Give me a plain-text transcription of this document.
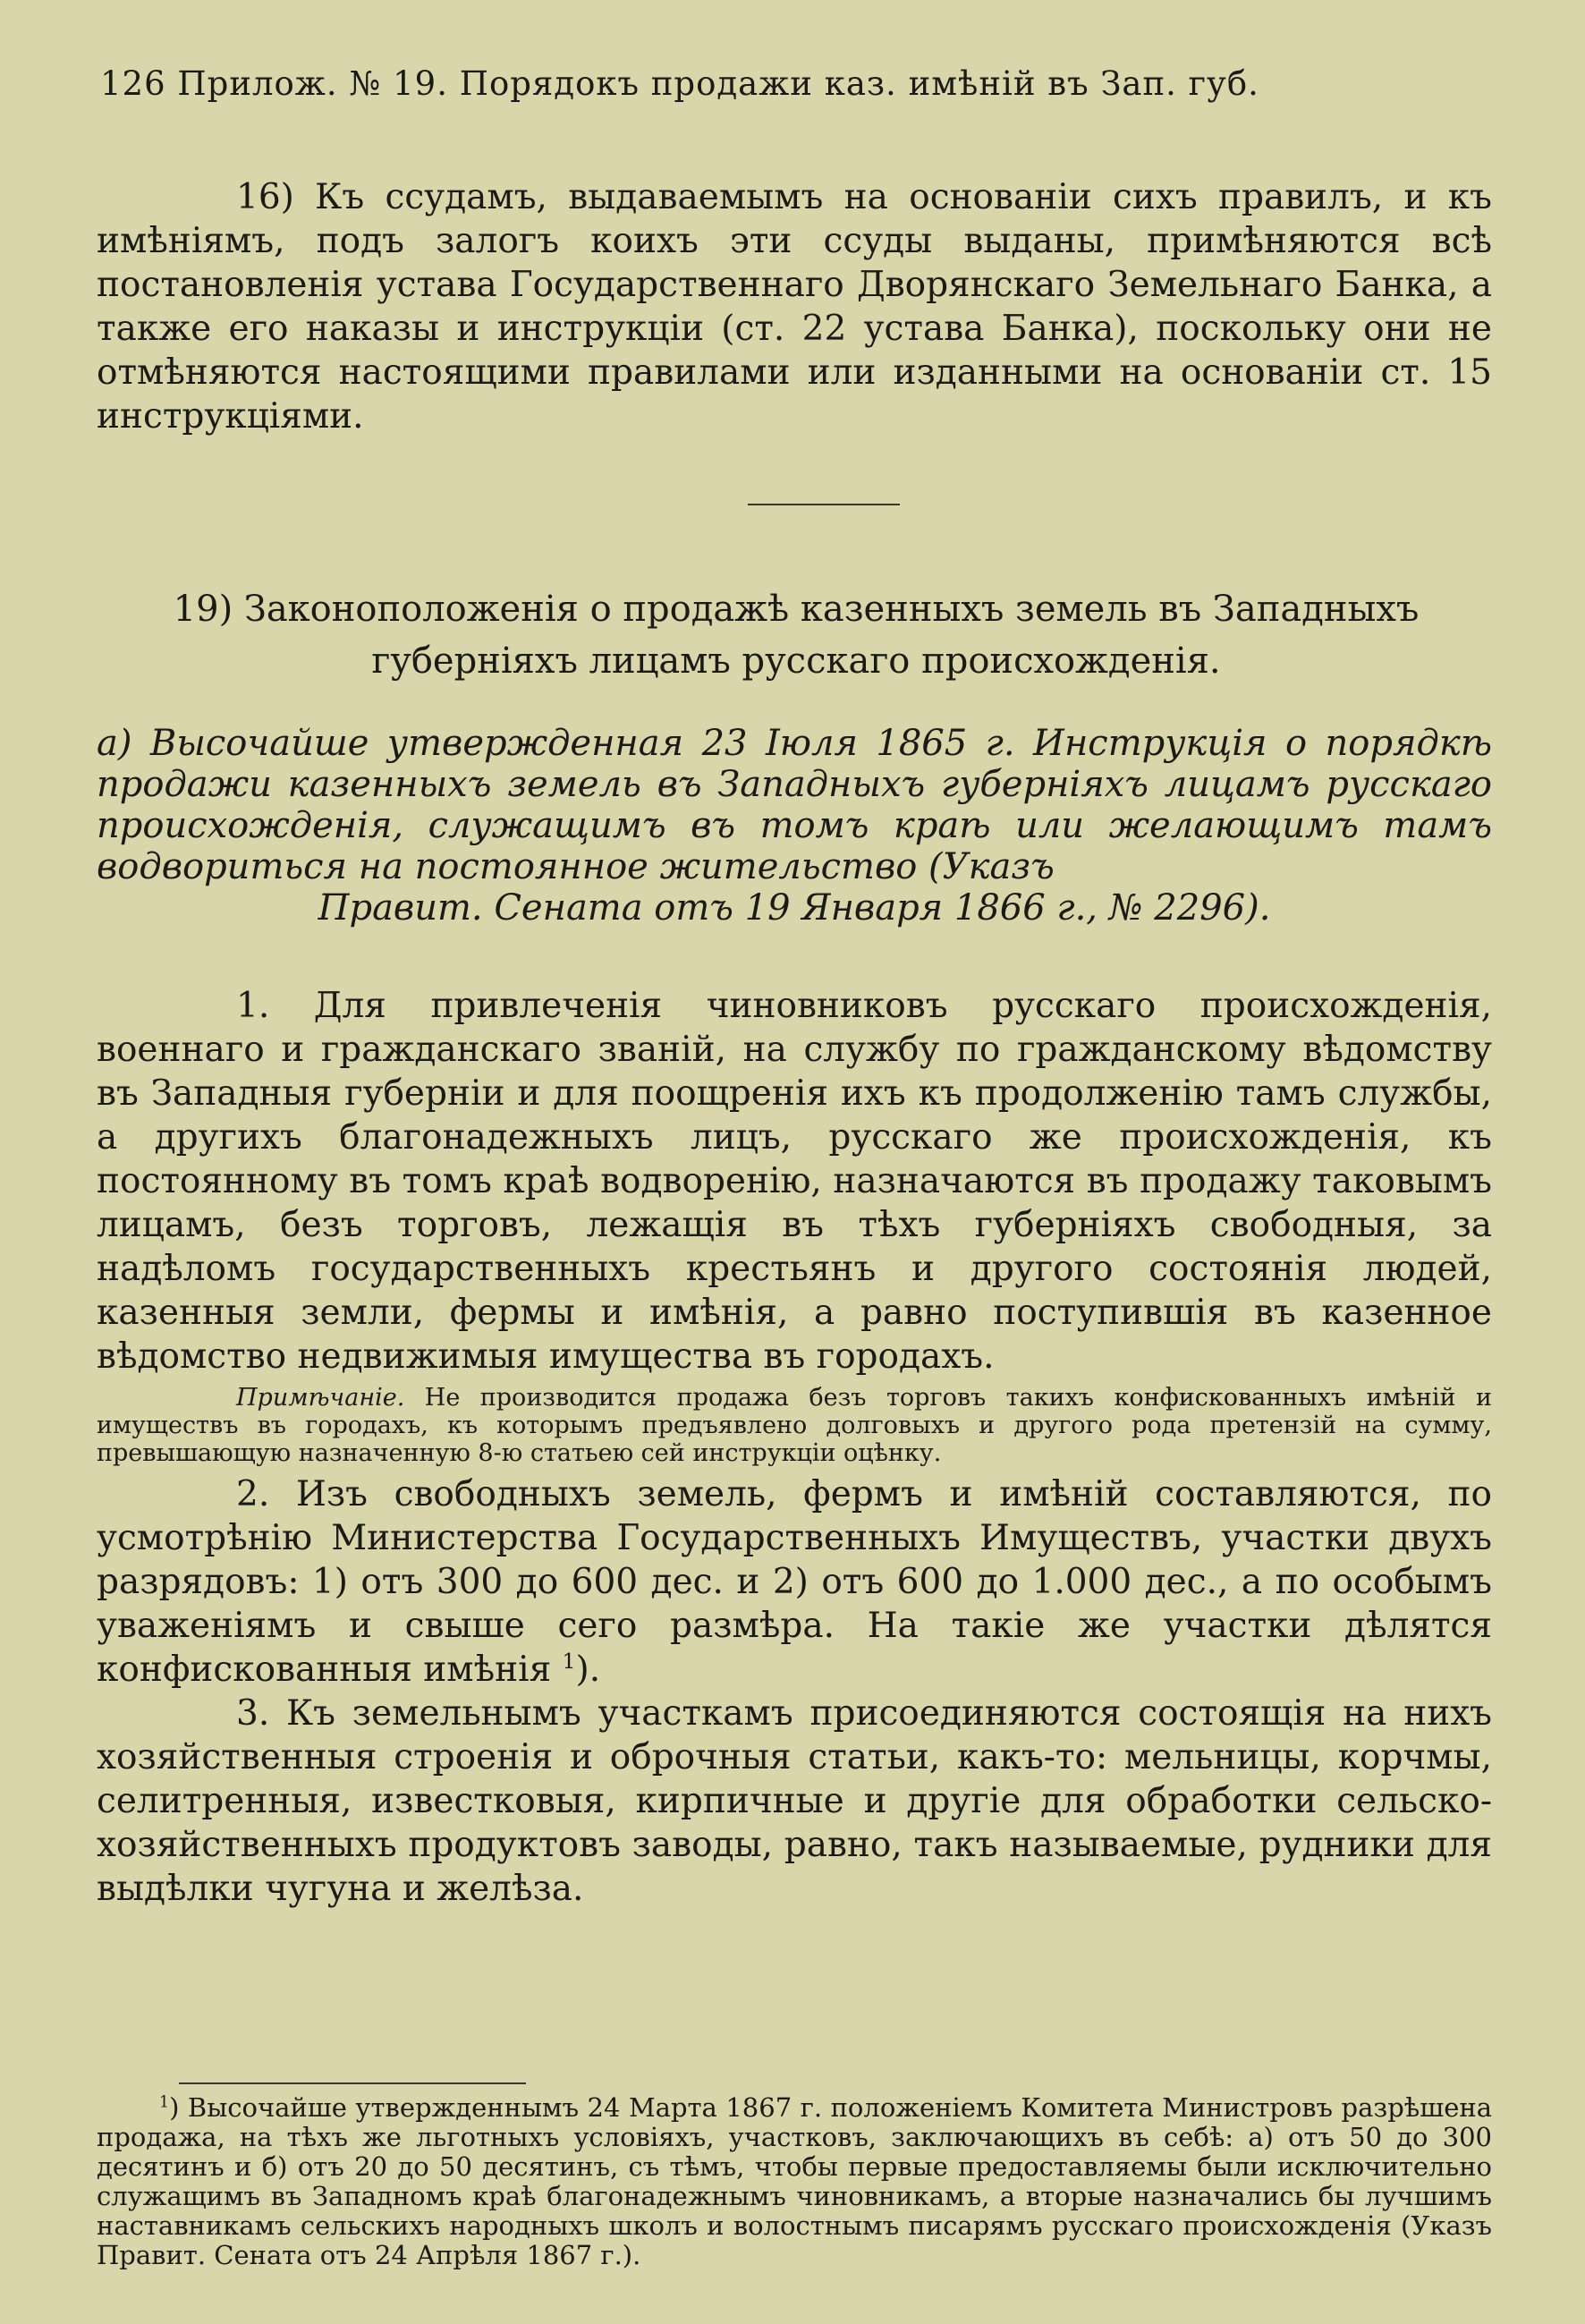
126 Прилож. № 19. Порядокъ продажи каз. имѣній въ Зап. губ.

16) Къ ссудамъ, выдаваемымъ на основаніи сихъ правилъ, и къ имѣніямъ, подъ залогъ коихъ эти ссуды выданы, примѣняются всѣ постановленія устава Государственнаго Дворянскаго Земельнаго Банка, а также его наказы и инструкціи (ст. 22 устава Банка), поскольку они не отмѣняются настоящими правилами или изданными на основаніи ст. 15 инструкціями.

19) Законоположенія о продажѣ казенныхъ земель въ Западныхъ
губерніяхъ лицамъ русскаго происхожденія.
а) Высочайше утвержденная 23 Іюля 1865 г. Инструкція о порядкѣ продажи казенныхъ земель въ Западныхъ губерніяхъ лицамъ русскаго происхожденія, служащимъ въ томъ краѣ или желающимъ тамъ водвориться на постоянное жительство (Указъ
Правит. Сената отъ 19 Января 1866 г., № 2296).

1. Для привлеченія чиновниковъ русскаго происхожденія, военнаго и гражданскаго званій, на службу по гражданскому вѣдомству въ Западныя губерніи и для поощренія ихъ къ продолженію тамъ службы, а другихъ благонадежныхъ лицъ, русскаго же происхожденія, къ постоянному въ томъ краѣ водворенію, назначаются въ продажу таковымъ лицамъ, безъ торговъ, лежащія въ тѣхъ губерніяхъ свободныя, за надѣломъ государственныхъ крестьянъ и другого состоянія людей, казенныя земли, фермы и имѣнія, а равно поступившія въ казенное вѣдомство недвижимыя имущества въ городахъ.

Примѣчаніе. Не производится продажа безъ торговъ такихъ конфискованныхъ имѣній и имуществъ въ городахъ, къ которымъ предъявлено долговыхъ и другого рода претензій на сумму, превышающую назначенную 8-ю статьею сей инструкціи оцѣнку.

2. Изъ свободныхъ земель, фермъ и имѣній составляются, по усмотрѣнію Министерства Государственныхъ Имуществъ, участки двухъ разрядовъ: 1) отъ 300 до 600 дес. и 2) отъ 600 до 1.000 дес., а по особымъ уваженіямъ и свыше сего размѣра. На такіе же участки дѣлятся конфискованныя имѣнія $^1$).

3. Къ земельнымъ участкамъ присоединяются состоящія на нихъ хозяйственныя строенія и оброчныя статьи, какъ-то: мельницы, корчмы, селитренныя, известковыя, кирпичные и другіе для обработки сельско-хозяйственныхъ продуктовъ заводы, равно, такъ называемые, рудники для выдѣлки чугуна и желѣза.

$^1$) Высочайше утвержденнымъ 24 Марта 1867 г. положеніемъ Комитета Министровъ разрѣшена продажа, на тѣхъ же льготныхъ условіяхъ, участковъ, заключающихъ въ себѣ: а) отъ 50 до 300 десятинъ и б) отъ 20 до 50 десятинъ, съ тѣмъ, чтобы первые предоставляемы были исключительно служащимъ въ Западномъ краѣ благонадежнымъ чиновникамъ, а вторые назначались бы лучшимъ наставникамъ сельскихъ народныхъ школъ и волостнымъ писарямъ русскаго происхожденія (Указъ Правит. Сената отъ 24 Апрѣля 1867 г.).
